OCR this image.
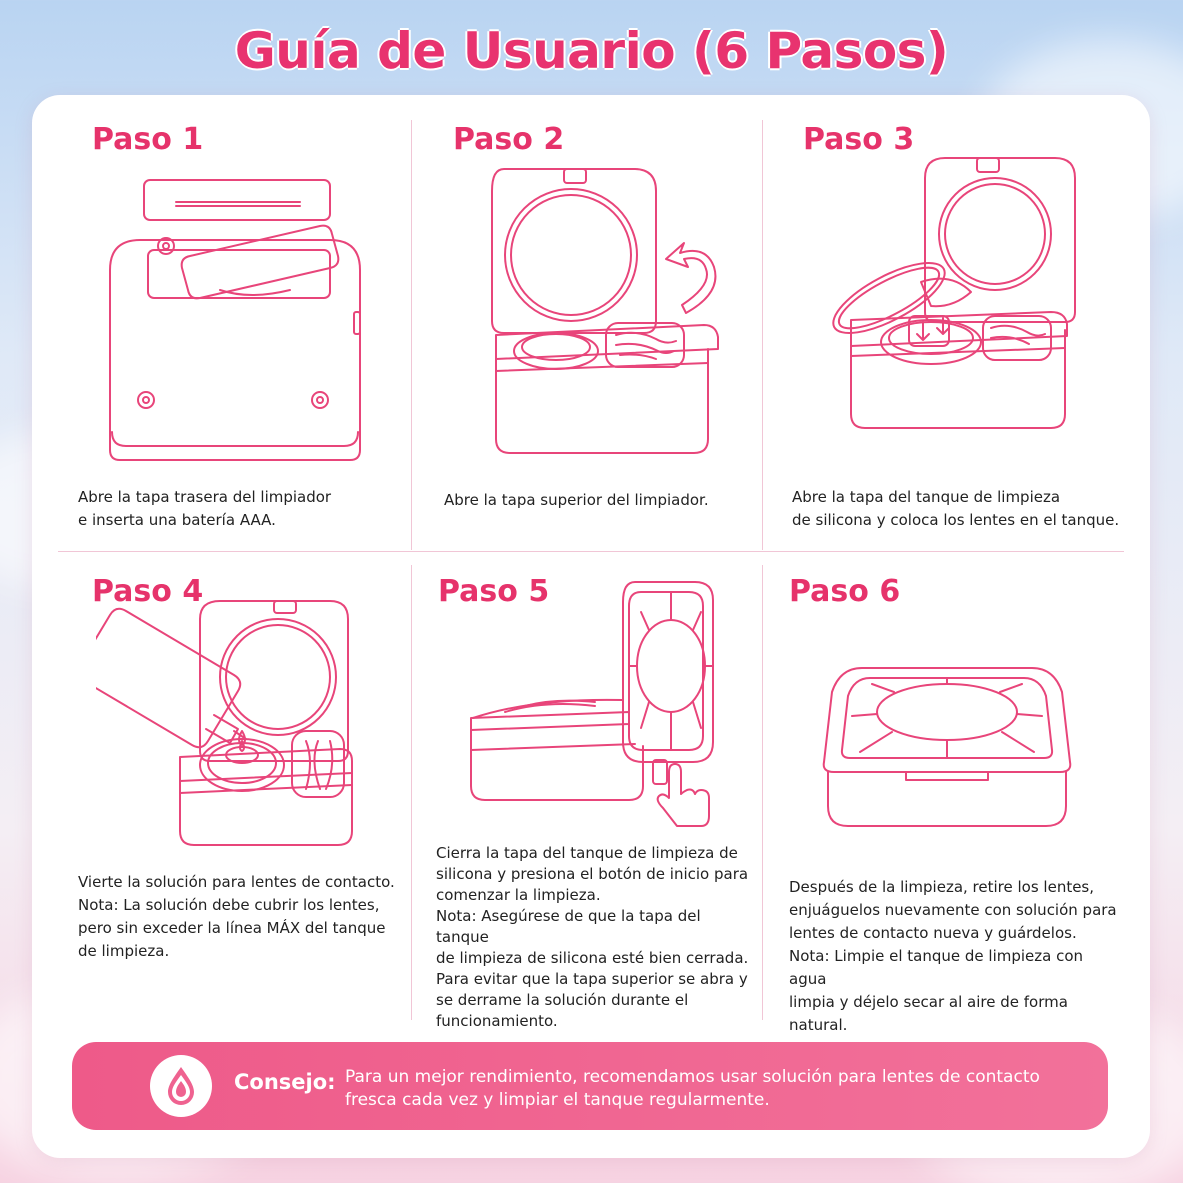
Guía de Usuario (6 Pasos)
Paso 1
Abre la tapa trasera del limpiador
e inserta una batería AAA.
Paso 2
Abre la tapa superior del limpiador.
Paso 3
Abre la tapa del tanque de limpieza
de silicona y coloca los lentes en el tanque.
Paso 4
Vierte la solución para lentes de contacto.
Nota: La solución debe cubrir los lentes,
pero sin exceder la línea MÁX del tanque
de limpieza.
Paso 5
Cierra la tapa del tanque de limpieza de
silicona y presiona el botón de inicio para
comenzar la limpieza.
Nota: Asegúrese de que la tapa del tanque
de limpieza de silicona esté bien cerrada.
Para evitar que la tapa superior se abra y
se derrame la solución durante el
funcionamiento.
Paso 6
Después de la limpieza, retire los lentes,
enjuáguelos nuevamente con solución para
lentes de contacto nueva y guárdelos.
Nota: Limpie el tanque de limpieza con agua
limpia y déjelo secar al aire de forma natural.
Consejo: Para un mejor rendimiento, recomendamos usar solución para lentes de contacto
fresca cada vez y limpiar el tanque regularmente.
